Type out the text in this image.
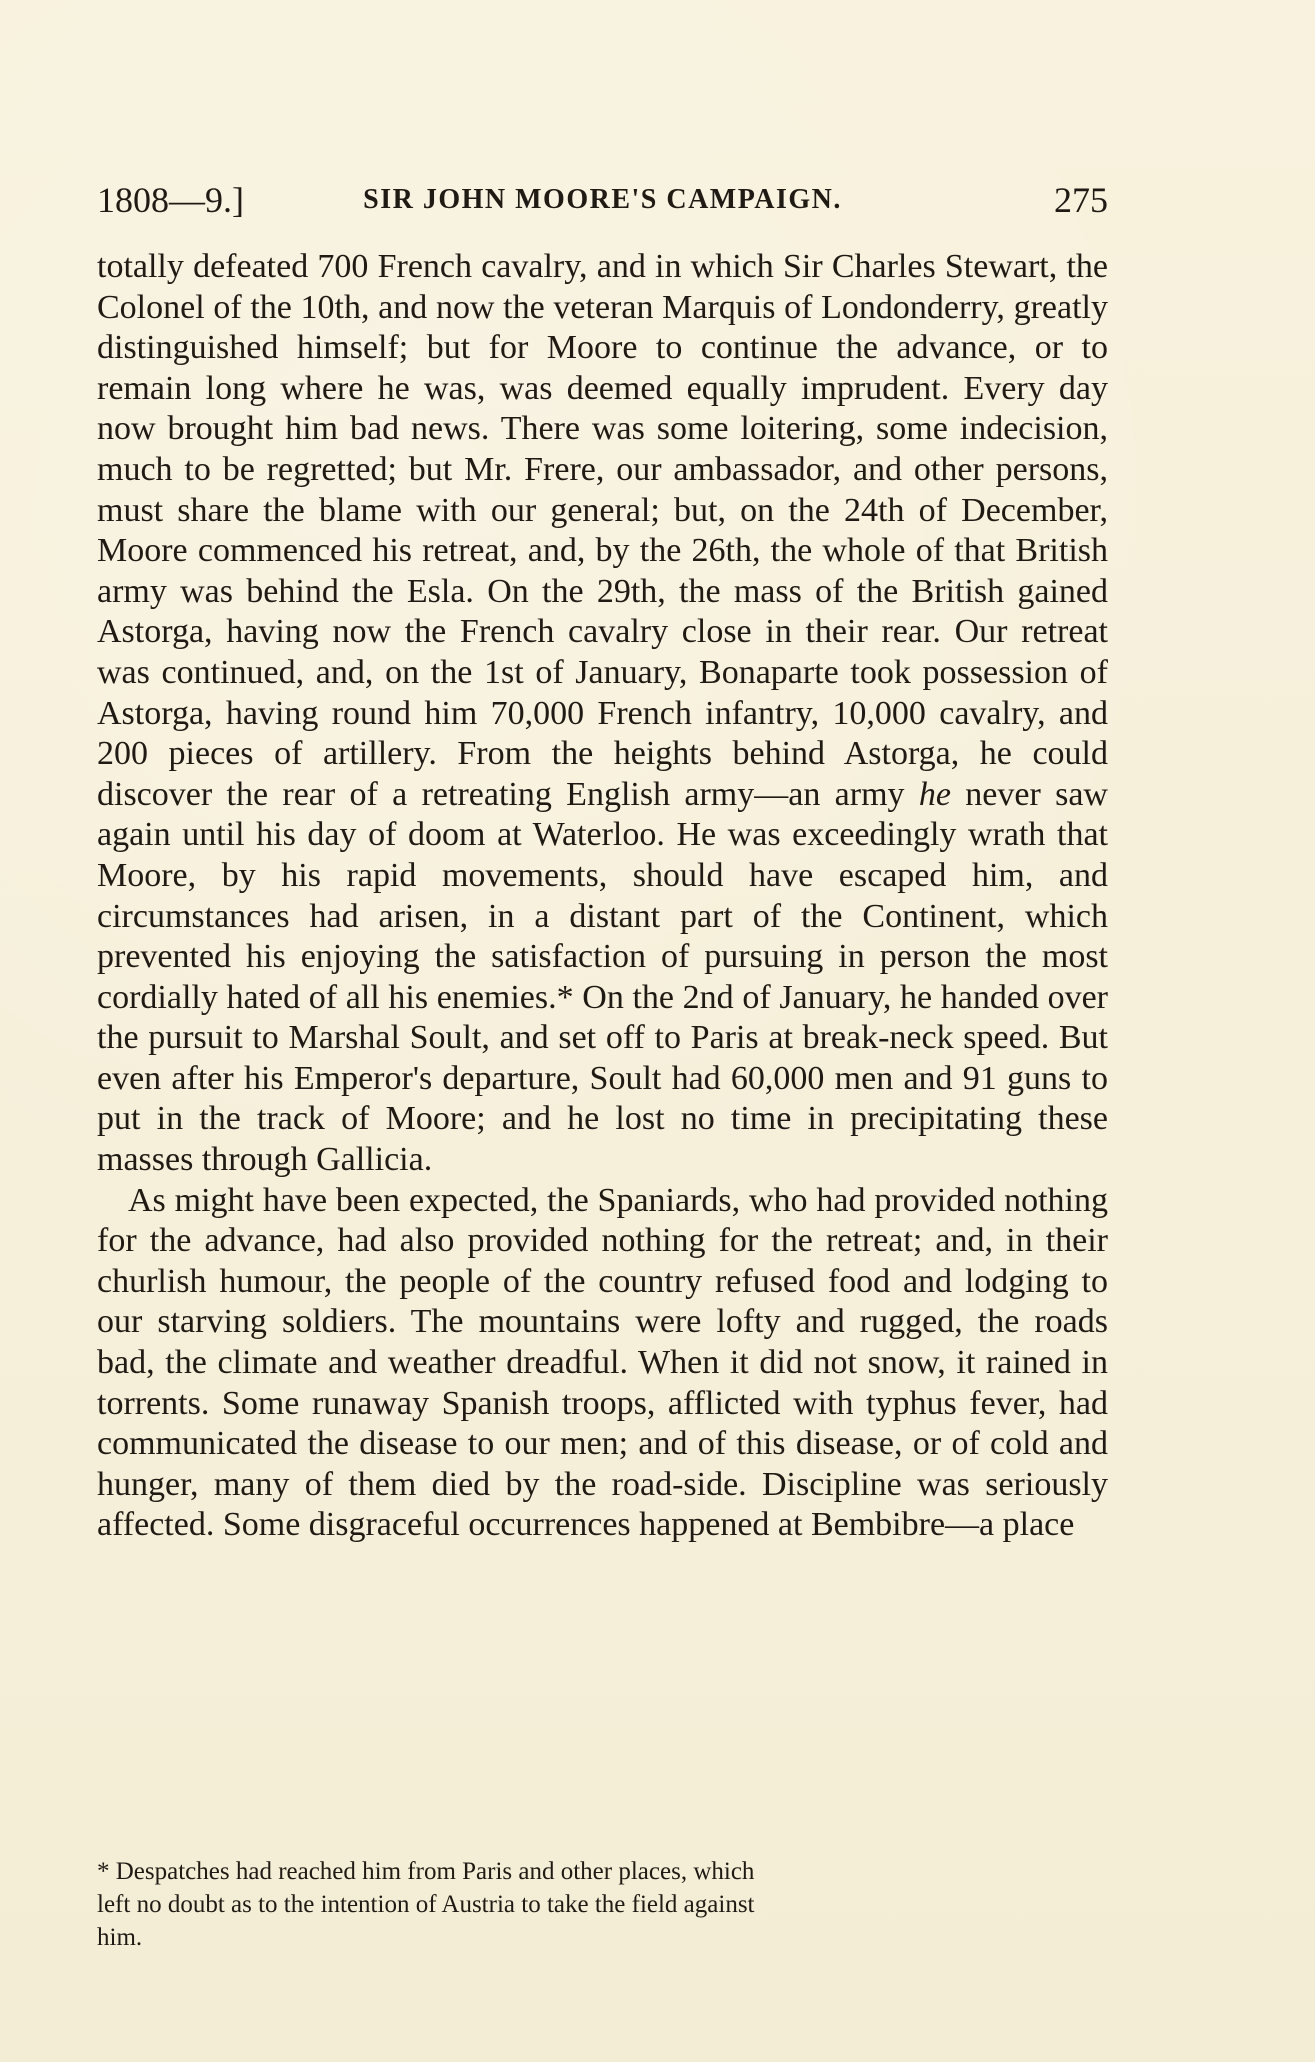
1808—9.]	SIR JOHN MOORE'S CAMPAIGN.	275

totally defeated 700 French cavalry, and in which Sir Charles Stewart, the Colonel of the 10th, and now the veteran Marquis of Londonderry, greatly distinguished himself; but for Moore to continue the advance, or to remain long where he was, was deemed equally imprudent. Every day now brought him bad news. There was some loitering, some indecision, much to be regretted; but Mr. Frere, our ambassador, and other persons, must share the blame with our general; but, on the 24th of December, Moore commenced his retreat, and, by the 26th, the whole of that British army was behind the Esla. On the 29th, the mass of the British gained Astorga, having now the French cavalry close in their rear. Our retreat was continued, and, on the 1st of January, Bonaparte took possession of Astorga, having round him 70,000 French infantry, 10,000 cavalry, and 200 pieces of artillery. From the heights behind Astorga, he could discover the rear of a retreating English army—an army he never saw again until his day of doom at Waterloo. He was exceedingly wrath that Moore, by his rapid movements, should have escaped him, and circumstances had arisen, in a distant part of the Continent, which prevented his enjoying the satisfaction of pursuing in person the most cordially hated of all his enemies.* On the 2nd of January, he handed over the pursuit to Marshal Soult, and set off to Paris at break-neck speed. But even after his Emperor's departure, Soult had 60,000 men and 91 guns to put in the track of Moore; and he lost no time in precipitating these masses through Gallicia.

As might have been expected, the Spaniards, who had provided nothing for the advance, had also provided nothing for the retreat; and, in their churlish humour, the people of the country refused food and lodging to our starving soldiers. The mountains were lofty and rugged, the roads bad, the climate and weather dreadful. When it did not snow, it rained in torrents. Some runaway Spanish troops, afflicted with typhus fever, had communicated the disease to our men; and of this disease, or of cold and hunger, many of them died by the road-side. Discipline was seriously affected. Some disgraceful occurrences happened at Bembibre—a place

* Despatches had reached him from Paris and other places, which
left no doubt as to the intention of Austria to take the field against
him.
